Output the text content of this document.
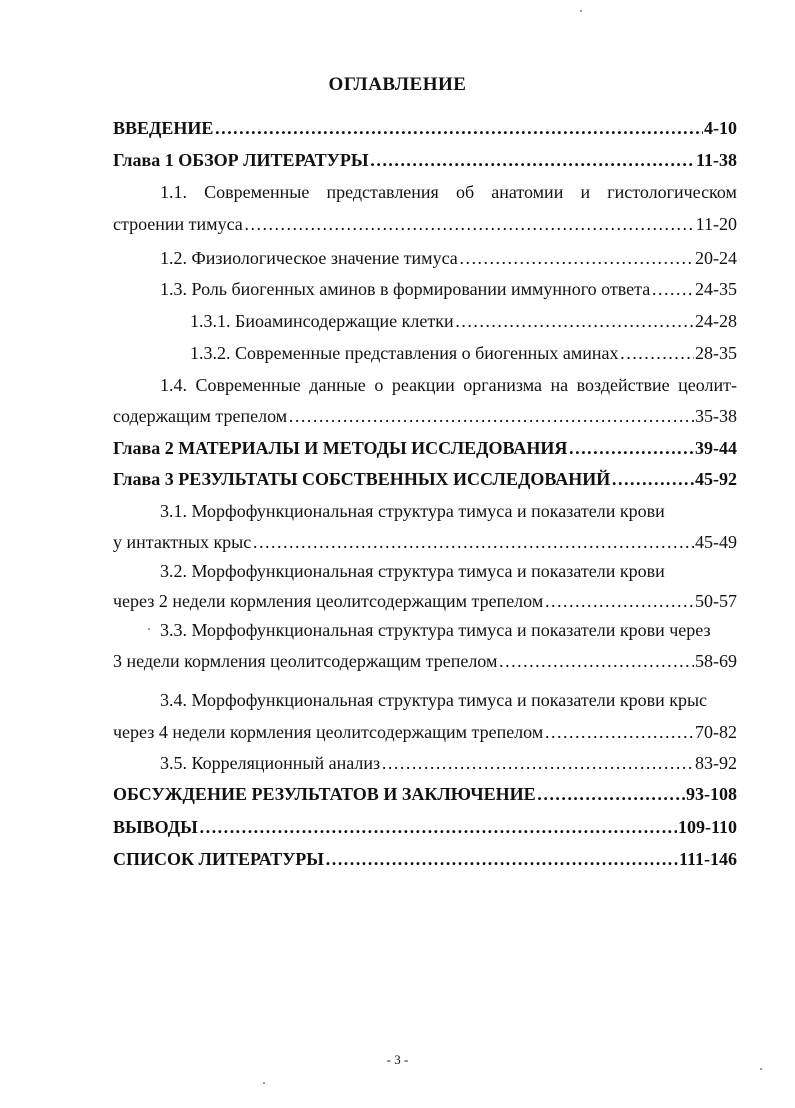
ОГЛАВЛЕНИЕ
ВВЕДЕНИЕ …………………………………………………………………………………………………………………………………………………………………………………………………	4-10
Глава 1 ОБЗОР ЛИТЕРАТУРЫ …………………………………………………………………………………………………………………………………………………………………………………………………	11-38
1.1. Современные представления об анатомии и гистологическом
строении тимуса …………………………………………………………………………………………………………………………………………………………………………………………………	11-20
1.2. Физиологическое значение тимуса …………………………………………………………………………………………………………………………………………………………………………………………………	20-24
1.3. Роль биогенных аминов в формировании иммунного ответа ………………………………………………………………………………………………………………………………………………………………………………………………… 24-35
1.3.1. Биоаминсодержащие клетки …………………………………………………………………………………………………………………………………………………………………………………………………	24-28
1.3.2. Современные представления о биогенных аминах …………………………………………………………………………………………………………………………………………………………………………………………………	28-35
1.4. Современные данные о реакции организма на воздействие цеолит-
содержащим трепелом …………………………………………………………………………………………………………………………………………………………………………………………………	35-38
Глава 2 МАТЕРИАЛЫ И МЕТОДЫ ИССЛЕДОВАНИЯ …………………………………………………………………………………………………………………………………………………………………………………………………	39-44
Глава 3 РЕЗУЛЬТАТЫ СОБСТВЕННЫХ ИССЛЕДОВАНИЙ …………………………………………………………………………………………………………………………………………………………………………………………………	45-92
3.1. Морфофункциональная структура тимуса и показатели крови
у интактных крыс …………………………………………………………………………………………………………………………………………………………………………………………………	45-49
3.2. Морфофункциональная структура тимуса и показатели крови
через 2 недели кормления цеолитсодержащим трепелом …………………………………………………………………………………………………………………………………………………………………………………………………	50-57
3.3. Морфофункциональная структура тимуса и показатели крови через
3 недели кормления цеолитсодержащим трепелом …………………………………………………………………………………………………………………………………………………………………………………………………	58-69
3.4. Морфофункциональная структура тимуса и показатели крови крыс
через 4 недели кормления цеолитсодержащим трепелом …………………………………………………………………………………………………………………………………………………………………………………………………	70-82
3.5. Корреляционный анализ …………………………………………………………………………………………………………………………………………………………………………………………………	83-92
ОБСУЖДЕНИЕ РЕЗУЛЬТАТОВ И ЗАКЛЮЧЕНИЕ …………………………………………………………………………………………………………………………………………………………………………………………………	93-108
ВЫВОДЫ …………………………………………………………………………………………………………………………………………………………………………………………………	109-110
СПИСОК ЛИТЕРАТУРЫ …………………………………………………………………………………………………………………………………………………………………………………………………	111-146
- 3 -
